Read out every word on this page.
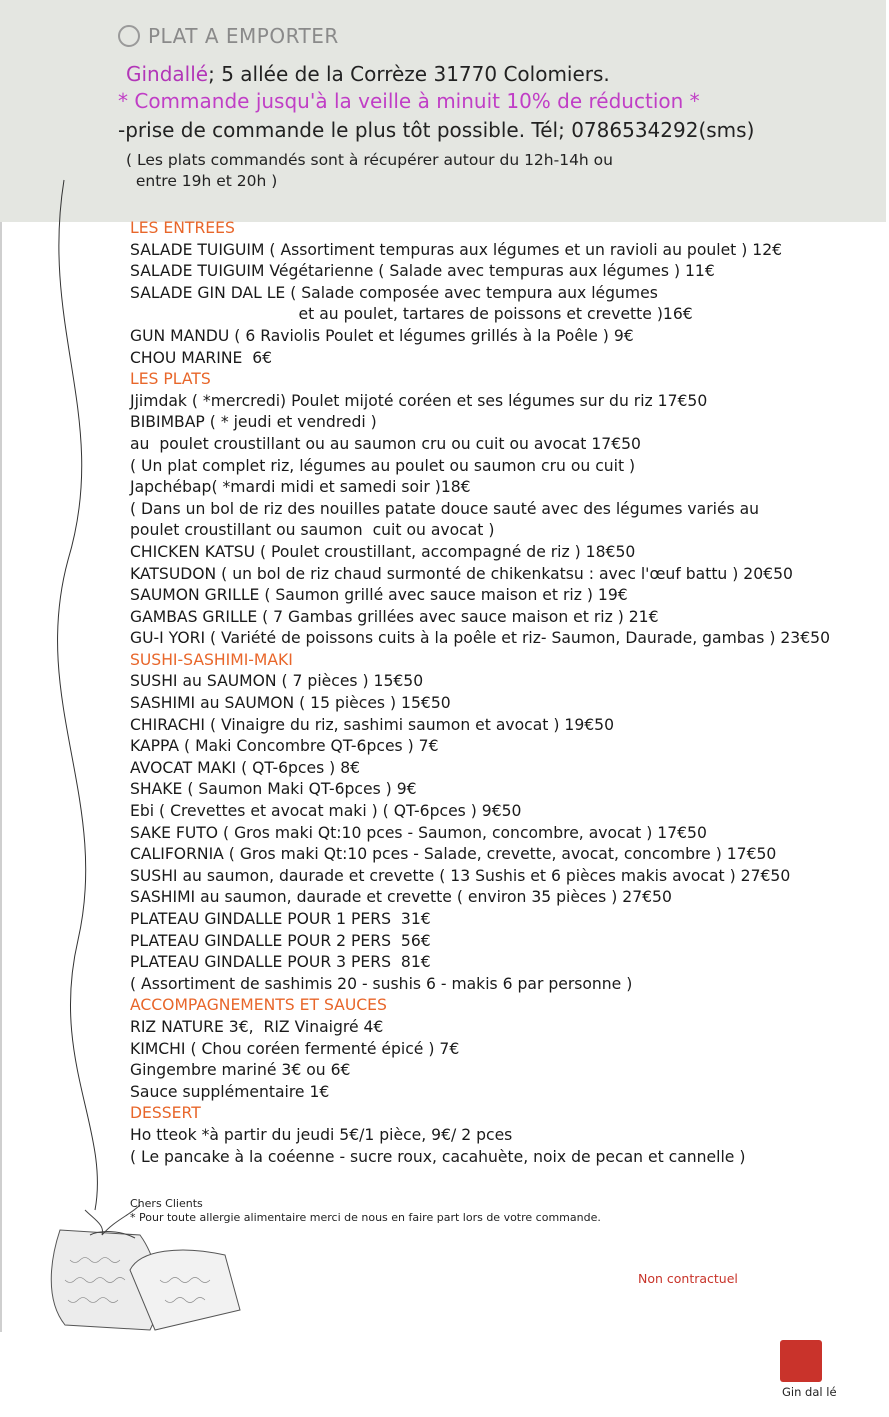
PLAT A EMPORTER
Gindallé; 5 allée de la Corrèze 31770 Colomiers.
* Commande jusqu'à la veille à minuit 10% de réduction *
-prise de commande le plus tôt possible. Tél; 0786534292(sms)
( Les plats commandés sont à récupérer autour du 12h-14h ou
entre 19h et 20h )
LES ENTREES
SALADE TUIGUIM ( Assortiment tempuras aux légumes et un ravioli au poulet ) 12€
SALADE TUIGUIM Végétarienne ( Salade avec tempuras aux légumes ) 11€
SALADE GIN DAL LE ( Salade composée avec tempura aux légumes
et au poulet, tartares de poissons et crevette )16€
GUN MANDU ( 6 Raviolis Poulet et légumes grillés à la Poêle ) 9€
CHOU MARINE  6€
LES PLATS
Jjimdak ( *mercredi) Poulet mijoté coréen et ses légumes sur du riz 17€50
BIBIMBAP ( * jeudi et vendredi )
au  poulet croustillant ou au saumon cru ou cuit ou avocat 17€50
( Un plat complet riz, légumes au poulet ou saumon cru ou cuit )
Japchébap( *mardi midi et samedi soir )18€
( Dans un bol de riz des nouilles patate douce sauté avec des légumes variés au
poulet croustillant ou saumon  cuit ou avocat )
CHICKEN KATSU ( Poulet croustillant, accompagné de riz ) 18€50
KATSUDON ( un bol de riz chaud surmonté de chikenkatsu : avec l'œuf battu ) 20€50
SAUMON GRILLE ( Saumon grillé avec sauce maison et riz ) 19€
GAMBAS GRILLE ( 7 Gambas grillées avec sauce maison et riz ) 21€
GU-I YORI ( Variété de poissons cuits à la poêle et riz- Saumon, Daurade, gambas ) 23€50
SUSHI-SASHIMI-MAKI
SUSHI au SAUMON ( 7 pièces ) 15€50
SASHIMI au SAUMON ( 15 pièces ) 15€50
CHIRACHI ( Vinaigre du riz, sashimi saumon et avocat ) 19€50
KAPPA ( Maki Concombre QT-6pces ) 7€
AVOCAT MAKI ( QT-6pces ) 8€
SHAKE ( Saumon Maki QT-6pces ) 9€
Ebi ( Crevettes et avocat maki ) ( QT-6pces ) 9€50
SAKE FUTO ( Gros maki Qt:10 pces - Saumon, concombre, avocat ) 17€50
CALIFORNIA ( Gros maki Qt:10 pces - Salade, crevette, avocat, concombre ) 17€50
SUSHI au saumon, daurade et crevette ( 13 Sushis et 6 pièces makis avocat ) 27€50
SASHIMI au saumon, daurade et crevette ( environ 35 pièces ) 27€50
PLATEAU GINDALLE POUR 1 PERS  31€
PLATEAU GINDALLE POUR 2 PERS  56€
PLATEAU GINDALLE POUR 3 PERS  81€
( Assortiment de sashimis 20 - sushis 6 - makis 6 par personne )
ACCOMPAGNEMENTS ET SAUCES
RIZ NATURE 3€,  RIZ Vinaigré 4€
KIMCHI ( Chou coréen fermenté épicé ) 7€
Gingembre mariné 3€ ou 6€
Sauce supplémentaire 1€
DESSERT
Ho tteok *à partir du jeudi 5€/1 pièce, 9€/ 2 pces
( Le pancake à la coéenne - sucre roux, cacahuète, noix de pecan et cannelle )
Chers Clients
* Pour toute allergie alimentaire merci de nous en faire part lors de votre commande.
Non contractuel
Gin dal lé
